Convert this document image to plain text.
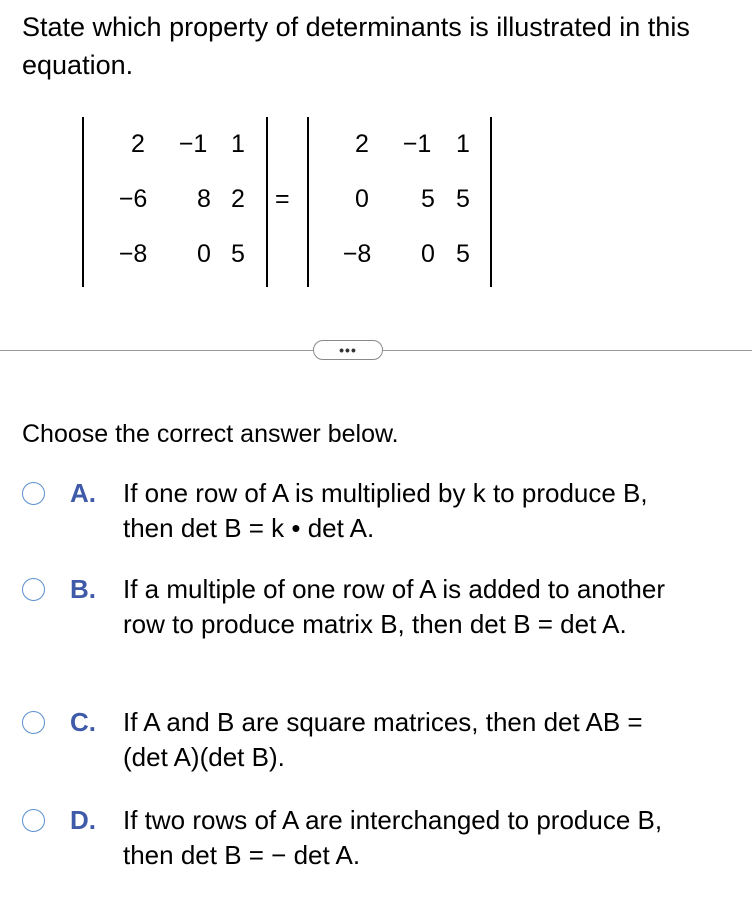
State which property of determinants is illustrated in this equation.
2	−1 1
−6	8 2
−8	0 5
=
2	−1 1
0	5 5
−8	0 5
•••
Choose the correct answer below.
A. If one row of A is multiplied by k to produce B, then det B = k • det A.
B. If a multiple of one row of A is added to another row to produce matrix B, then det B = det A.
C. If A and B are square matrices, then det AB = (det A)(det B).
D. If two rows of A are interchanged to produce B, then det B = − det A.
